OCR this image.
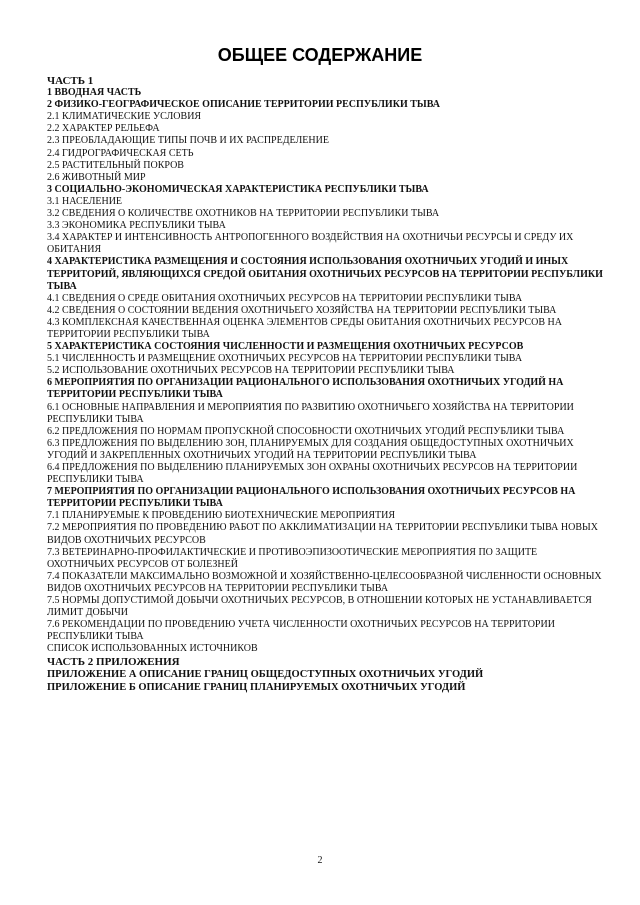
ОБЩЕЕ СОДЕРЖАНИЕ
ЧАСТЬ 1
1 ВВОДНАЯ ЧАСТЬ
2 ФИЗИКО-ГЕОГРАФИЧЕСКОЕ ОПИСАНИЕ ТЕРРИТОРИИ РЕСПУБЛИКИ ТЫВА
2.1 КЛИМАТИЧЕСКИЕ УСЛОВИЯ
2.2 ХАРАКТЕР РЕЛЬЕФА
2.3 ПРЕОБЛАДАЮЩИЕ ТИПЫ ПОЧВ И ИХ РАСПРЕДЕЛЕНИЕ
2.4 ГИДРОГРАФИЧЕСКАЯ СЕТЬ
2.5 РАСТИТЕЛЬНЫЙ ПОКРОВ
2.6 ЖИВОТНЫЙ МИР
3 СОЦИАЛЬНО-ЭКОНОМИЧЕСКАЯ ХАРАКТЕРИСТИКА РЕСПУБЛИКИ ТЫВА
3.1 НАСЕЛЕНИЕ
3.2 СВЕДЕНИЯ О КОЛИЧЕСТВЕ ОХОТНИКОВ НА ТЕРРИТОРИИ РЕСПУБЛИКИ ТЫВА
3.3 ЭКОНОМИКА РЕСПУБЛИКИ ТЫВА
3.4 ХАРАКТЕР И ИНТЕНСИВНОСТЬ АНТРОПОГЕННОГО ВОЗДЕЙСТВИЯ НА ОХОТНИЧЬИ РЕСУРСЫ И СРЕДУ ИХ ОБИТАНИЯ
4 ХАРАКТЕРИСТИКА РАЗМЕЩЕНИЯ И СОСТОЯНИЯ ИСПОЛЬЗОВАНИЯ ОХОТНИЧЬИХ УГОДИЙ И ИНЫХ ТЕРРИТОРИЙ, ЯВЛЯЮЩИХСЯ СРЕДОЙ ОБИТАНИЯ ОХОТНИЧЬИХ РЕСУРСОВ НА ТЕРРИТОРИИ РЕСПУБЛИКИ ТЫВА
4.1 СВЕДЕНИЯ О СРЕДЕ ОБИТАНИЯ ОХОТНИЧЬИХ РЕСУРСОВ НА ТЕРРИТОРИИ РЕСПУБЛИКИ ТЫВА
4.2 СВЕДЕНИЯ О СОСТОЯНИИ ВЕДЕНИЯ ОХОТНИЧЬЕГО ХОЗЯЙСТВА НА ТЕРРИТОРИИ РЕСПУБЛИКИ ТЫВА
4.3 КОМПЛЕКСНАЯ КАЧЕСТВЕННАЯ ОЦЕНКА ЭЛЕМЕНТОВ СРЕДЫ ОБИТАНИЯ ОХОТНИЧЬИХ РЕСУРСОВ НА ТЕРРИТОРИИ РЕСПУБЛИКИ ТЫВА
5 ХАРАКТЕРИСТИКА СОСТОЯНИЯ ЧИСЛЕННОСТИ И РАЗМЕЩЕНИЯ ОХОТНИЧЬИХ РЕСУРСОВ
5.1 ЧИСЛЕННОСТЬ И РАЗМЕЩЕНИЕ ОХОТНИЧЬИХ РЕСУРСОВ НА ТЕРРИТОРИИ РЕСПУБЛИКИ ТЫВА
5.2 ИСПОЛЬЗОВАНИЕ ОХОТНИЧЬИХ РЕСУРСОВ НА ТЕРРИТОРИИ РЕСПУБЛИКИ ТЫВА
6 МЕРОПРИЯТИЯ ПО ОРГАНИЗАЦИИ РАЦИОНАЛЬНОГО ИСПОЛЬЗОВАНИЯ ОХОТНИЧЬИХ УГОДИЙ НА ТЕРРИТОРИИ РЕСПУБЛИКИ ТЫВА
6.1 ОСНОВНЫЕ НАПРАВЛЕНИЯ И МЕРОПРИЯТИЯ ПО РАЗВИТИЮ ОХОТНИЧЬЕГО ХОЗЯЙСТВА НА ТЕРРИТОРИИ РЕСПУБЛИКИ ТЫВА
6.2 ПРЕДЛОЖЕНИЯ ПО НОРМАМ ПРОПУСКНОЙ СПОСОБНОСТИ ОХОТНИЧЬИХ УГОДИЙ РЕСПУБЛИКИ ТЫВА
6.3 ПРЕДЛОЖЕНИЯ ПО ВЫДЕЛЕНИЮ ЗОН, ПЛАНИРУЕМЫХ ДЛЯ СОЗДАНИЯ ОБЩЕДОСТУПНЫХ ОХОТНИЧЬИХ УГОДИЙ И ЗАКРЕПЛЕННЫХ ОХОТНИЧЬИХ УГОДИЙ НА ТЕРРИТОРИИ РЕСПУБЛИКИ ТЫВА
6.4 ПРЕДЛОЖЕНИЯ ПО ВЫДЕЛЕНИЮ ПЛАНИРУЕМЫХ ЗОН ОХРАНЫ ОХОТНИЧЬИХ РЕСУРСОВ НА ТЕРРИТОРИИ РЕСПУБЛИКИ ТЫВА
7 МЕРОПРИЯТИЯ ПО ОРГАНИЗАЦИИ РАЦИОНАЛЬНОГО ИСПОЛЬЗОВАНИЯ ОХОТНИЧЬИХ РЕСУРСОВ НА ТЕРРИТОРИИ РЕСПУБЛИКИ ТЫВА
7.1 ПЛАНИРУЕМЫЕ К ПРОВЕДЕНИЮ БИОТЕХНИЧЕСКИЕ МЕРОПРИЯТИЯ
7.2 МЕРОПРИЯТИЯ ПО ПРОВЕДЕНИЮ РАБОТ ПО АККЛИМАТИЗАЦИИ НА ТЕРРИТОРИИ РЕСПУБЛИКИ ТЫВА НОВЫХ ВИДОВ ОХОТНИЧЬИХ РЕСУРСОВ
7.3 ВЕТЕРИНАРНО-ПРОФИЛАКТИЧЕСКИЕ И ПРОТИВОЭПИЗООТИЧЕСКИЕ МЕРОПРИЯТИЯ ПО ЗАЩИТЕ ОХОТНИЧЬИХ РЕСУРСОВ ОТ БОЛЕЗНЕЙ
7.4 ПОКАЗАТЕЛИ МАКСИМАЛЬНО ВОЗМОЖНОЙ И ХОЗЯЙСТВЕННО-ЦЕЛЕСООБРАЗНОЙ ЧИСЛЕННОСТИ ОСНОВНЫХ ВИДОВ ОХОТНИЧЬИХ РЕСУРСОВ НА ТЕРРИТОРИИ РЕСПУБЛИКИ ТЫВА
7.5 НОРМЫ ДОПУСТИМОЙ ДОБЫЧИ ОХОТНИЧЬИХ РЕСУРСОВ, В ОТНОШЕНИИ КОТОРЫХ НЕ УСТАНАВЛИВАЕТСЯ ЛИМИТ ДОБЫЧИ
7.6 РЕКОМЕНДАЦИИ ПО ПРОВЕДЕНИЮ УЧЕТА ЧИСЛЕННОСТИ ОХОТНИЧЬИХ РЕСУРСОВ НА ТЕРРИТОРИИ РЕСПУБЛИКИ ТЫВА
СПИСОК ИСПОЛЬЗОВАННЫХ ИСТОЧНИКОВ
ЧАСТЬ 2 ПРИЛОЖЕНИЯ
ПРИЛОЖЕНИЕ А ОПИСАНИЕ ГРАНИЦ ОБЩЕДОСТУПНЫХ ОХОТНИЧЬИХ УГОДИЙ
ПРИЛОЖЕНИЕ Б ОПИСАНИЕ ГРАНИЦ ПЛАНИРУЕМЫХ ОХОТНИЧЬИХ УГОДИЙ
2
